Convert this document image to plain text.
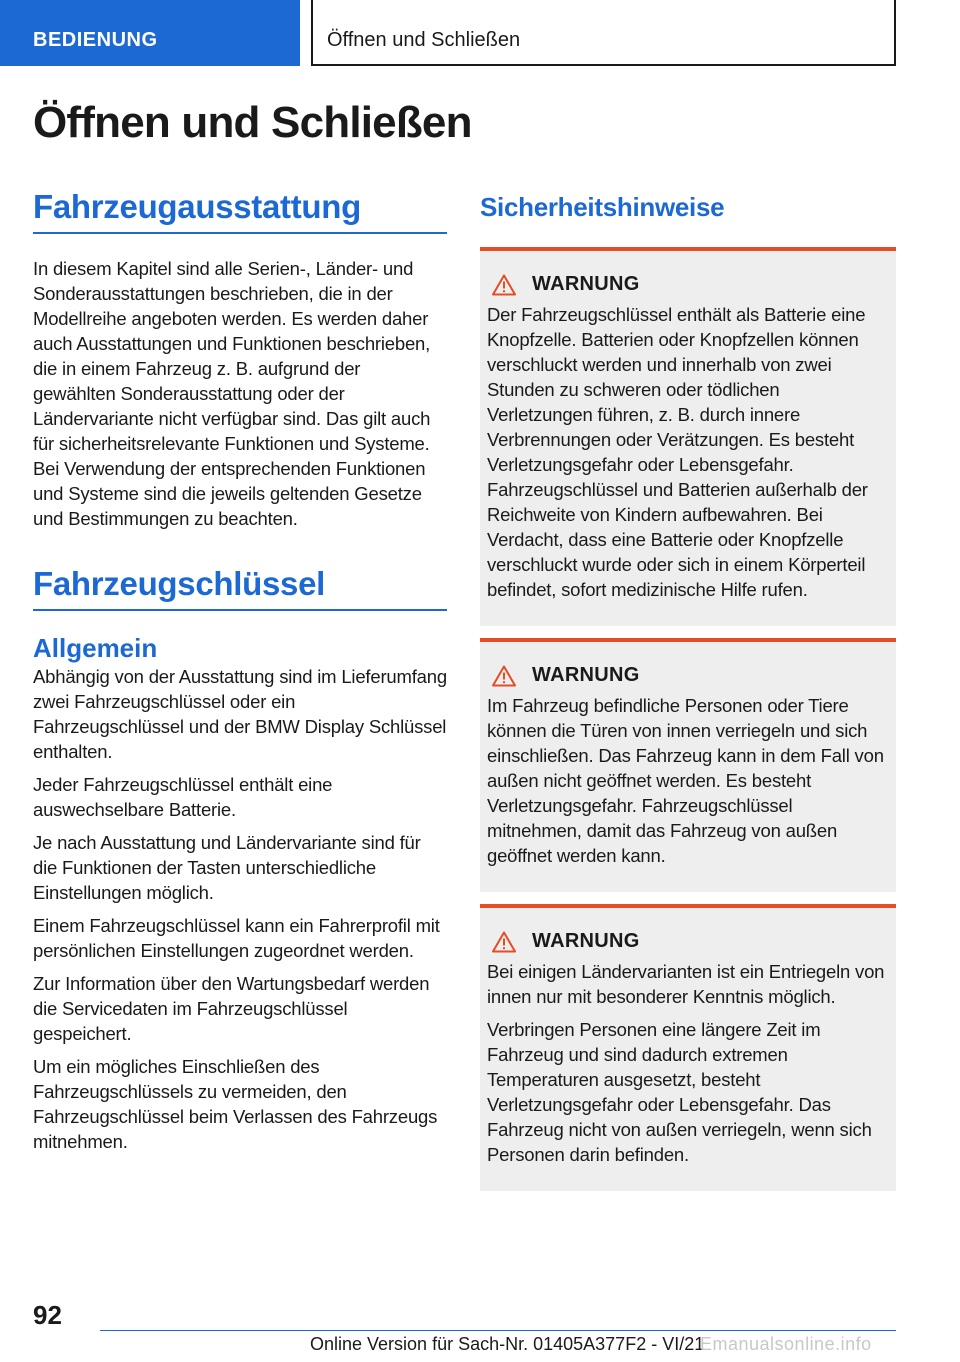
BEDIENUNG	Öffnen und Schließen
Öffnen und Schließen
Fahrzeugausstattung

In diesem Kapitel sind alle Serien-, Länder- und Sonderausstattungen beschrieben, die in der Modellreihe angeboten werden. Es werden daher auch Ausstattungen und Funktionen beschrieben, die in einem Fahrzeug z. B. aufgrund der gewählten Sonderausstattung oder der Ländervariante nicht verfügbar sind. Das gilt auch für sicherheitsrelevante Funktionen und Systeme. Bei Verwendung der entsprechenden Funktionen und Systeme sind die jeweils geltenden Gesetze und Bestimmungen zu beachten.

Fahrzeugschlüssel
Allgemein

Abhängig von der Ausstattung sind im Lieferumfang zwei Fahrzeugschlüssel oder ein Fahrzeugschlüssel und der BMW Display Schlüssel enthalten.

Jeder Fahrzeugschlüssel enthält eine auswechselbare Batterie.

Je nach Ausstattung und Ländervariante sind für die Funktionen der Tasten unterschiedliche Einstellungen möglich.

Einem Fahrzeugschlüssel kann ein Fahrerprofil mit persönlichen Einstellungen zugeordnet werden.

Zur Information über den Wartungsbedarf werden die Servicedaten im Fahrzeugschlüssel gespeichert.

Um ein mögliches Einschließen des Fahrzeugschlüssels zu vermeiden, den Fahrzeugschlüssel beim Verlassen des Fahrzeugs mitnehmen.

Sicherheitshinweise
WARNUNG

Der Fahrzeugschlüssel enthält als Batterie eine Knopfzelle. Batterien oder Knopfzellen können verschluckt werden und innerhalb von zwei Stunden zu schweren oder tödlichen Verletzungen führen, z. B. durch innere Verbrennungen oder Verätzungen. Es besteht Verletzungsgefahr oder Lebensgefahr. Fahrzeugschlüssel und Batterien außerhalb der Reichweite von Kindern aufbewahren. Bei Verdacht, dass eine Batterie oder Knopfzelle verschluckt wurde oder sich in einem Körperteil befindet, sofort medizinische Hilfe rufen.

WARNUNG

Im Fahrzeug befindliche Personen oder Tiere können die Türen von innen verriegeln und sich einschließen. Das Fahrzeug kann in dem Fall von außen nicht geöffnet werden. Es besteht Verletzungsgefahr. Fahrzeugschlüssel mitnehmen, damit das Fahrzeug von außen geöffnet werden kann.

WARNUNG

Bei einigen Ländervarianten ist ein Entriegeln von innen nur mit besonderer Kenntnis möglich.

Verbringen Personen eine längere Zeit im Fahrzeug und sind dadurch extremen Temperaturen ausgesetzt, besteht Verletzungsgefahr oder Lebensgefahr. Das Fahrzeug nicht von außen verriegeln, wenn sich Personen darin befinden.

92
Online Version für Sach-Nr. 01405A377F2 - VI/21
Emanualsonline.info
